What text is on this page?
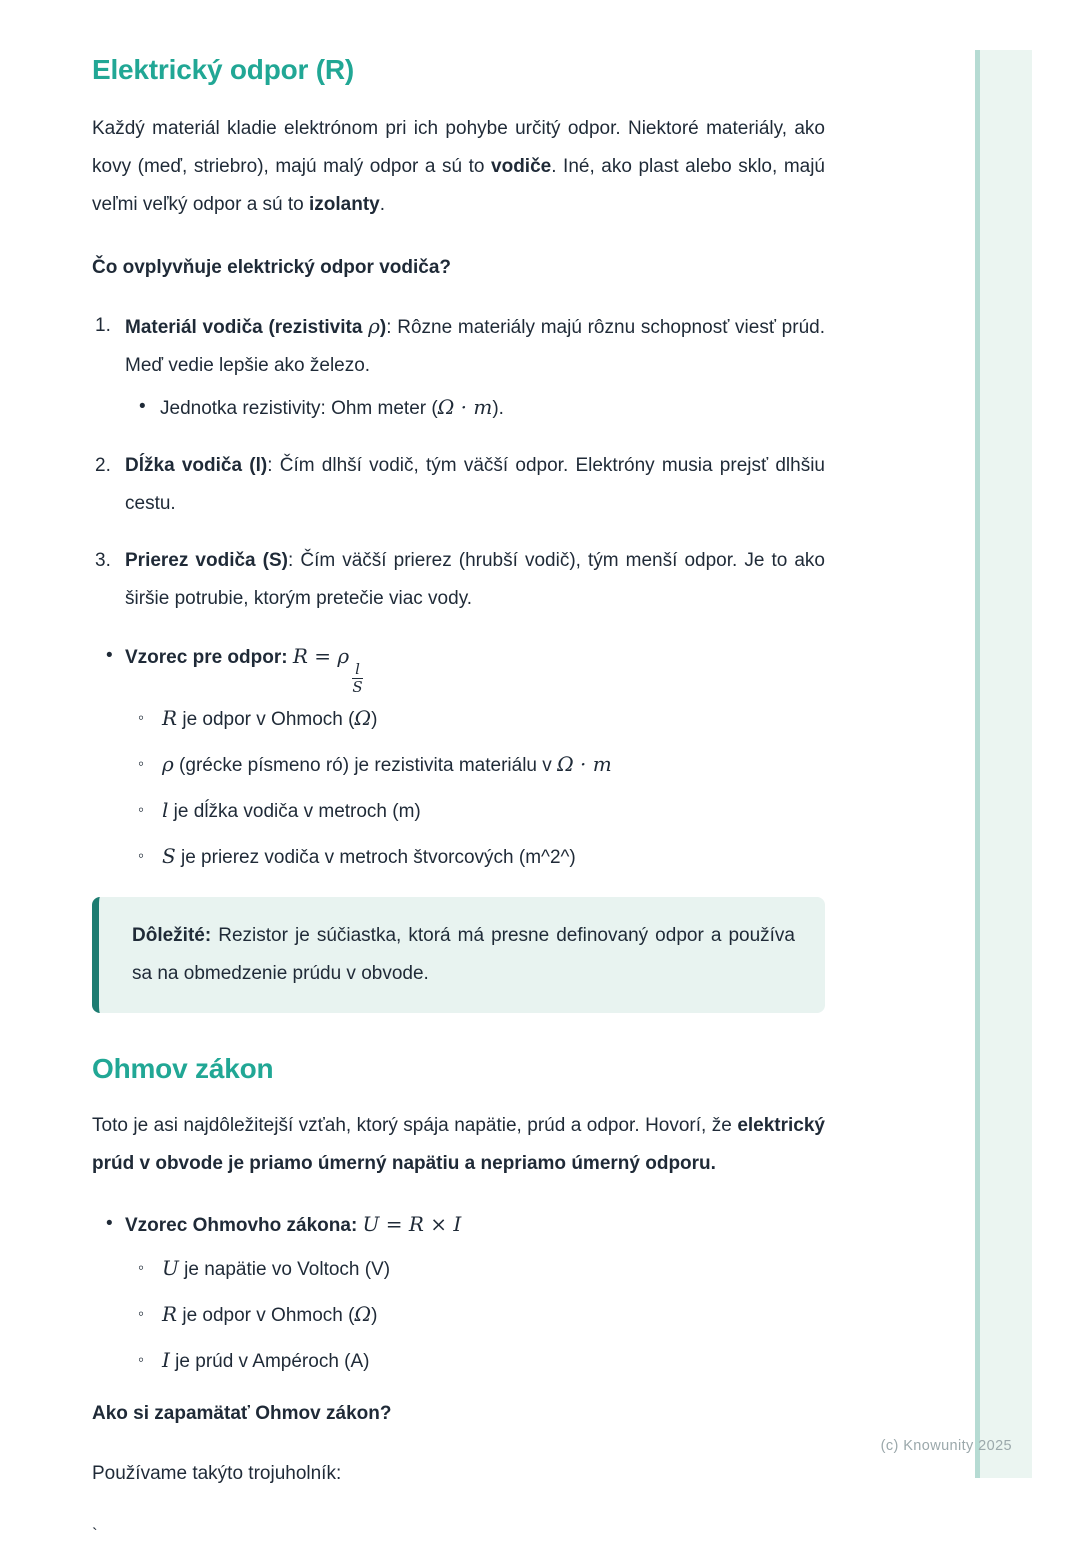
Elektrický odpor (R)

Každý materiál kladie elektrónom pri ich pohybe určitý odpor. Niektoré materiály, ako kovy (meď, striebro), majú malý odpor a sú to vodiče. Iné, ako plast alebo sklo, majú veľmi veľký odpor a sú to izolanty.

Čo ovplyvňuje elektrický odpor vodiča?
1. Materiál vodiča (rezistivita ρ): Rôzne materiály majú rôznu schopnosť viesť prúd. Meď vedie lepšie ako železo.
• Jednotka rezistivity: Ohm meter (Ω · m).
2. Dĺžka vodiča (l): Čím dlhší vodič, tým väčší odpor. Elektróny musia prejsť dlhšiu cestu.
3. Prierez vodiča (S): Čím väčší prierez (hrubší vodič), tým menší odpor. Je to ako širšie potrubie, ktorým pretečie viac vody.
• Vzorec pre odpor: R = ρ
$\frac{l}{S}$
◦ R je odpor v Ohmoch (Ω)
◦ ρ (grécke písmeno ró) je rezistivita materiálu v Ω · m
◦ l je dĺžka vodiča v metroch (m)
◦ S je prierez vodiča v metroch štvorcových (m^2^)
Dôležité: Rezistor je súčiastka, ktorá má presne definovaný odpor a používa sa na obmedzenie prúdu v obvode.
Ohmov zákon

Toto je asi najdôležitejší vzťah, ktorý spája napätie, prúd a odpor. Hovorí, že elektrický prúd v obvode je priamo úmerný napätiu a nepriamo úmerný odporu.

• Vzorec Ohmovho zákona: U = R × I
◦ U je napätie vo Voltoch (V)
◦ R je odpor v Ohmoch (Ω)
◦ I je prúd v Ampéroch (A)
Ako si zapamätať Ohmov zákon?

Používame takýto trojuholník:

`
(c) Knowunity 2025
